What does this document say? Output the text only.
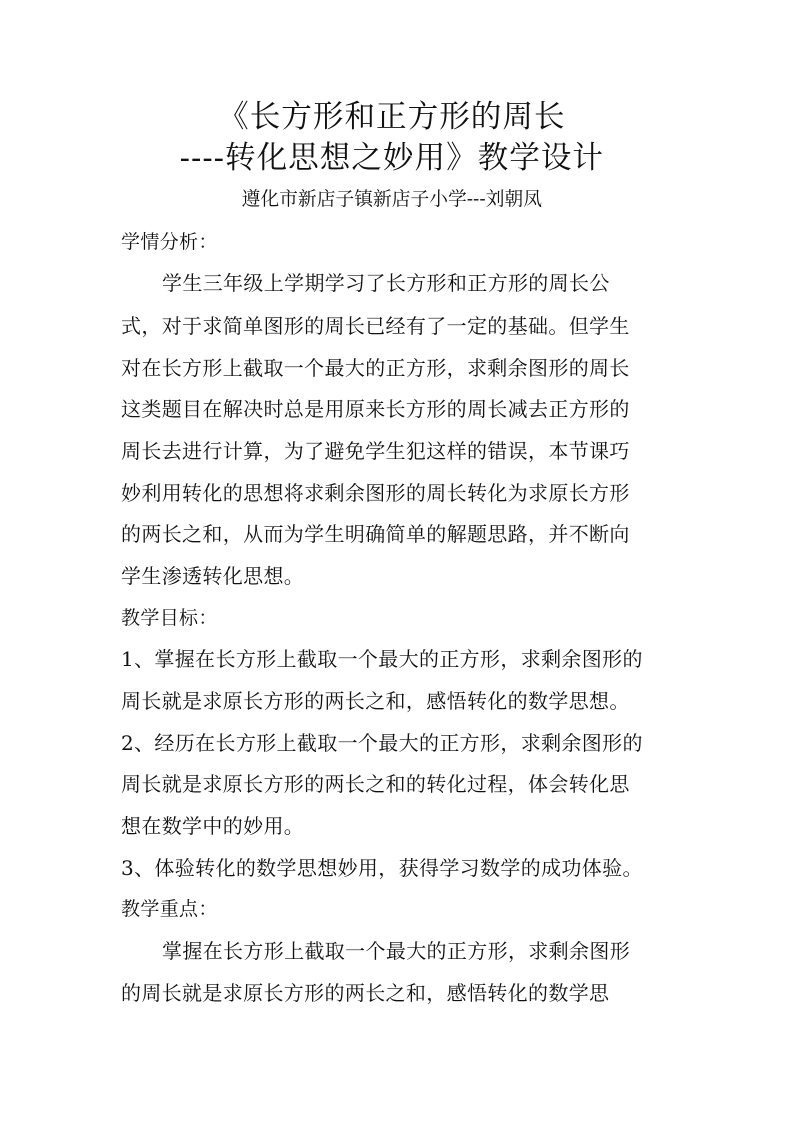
《长方形和正方形的周长
----转化思想之妙用》教学设计
遵化市新店子镇新店子小学---刘朝凤
学情分析：
学生三年级上学期学习了长方形和正方形的周长公
式，对于求简单图形的周长已经有了一定的基础。但学生
对在长方形上截取一个最大的正方形，求剩余图形的周长
这类题目在解决时总是用原来长方形的周长减去正方形的
周长去进行计算，为了避免学生犯这样的错误，本节课巧
妙利用转化的思想将求剩余图形的周长转化为求原长方形
的两长之和，从而为学生明确简单的解题思路，并不断向
学生渗透转化思想。
教学目标：
1、掌握在长方形上截取一个最大的正方形，求剩余图形的
周长就是求原长方形的两长之和，感悟转化的数学思想。
2、经历在长方形上截取一个最大的正方形，求剩余图形的
周长就是求原长方形的两长之和的转化过程，体会转化思
想在数学中的妙用。
3、体验转化的数学思想妙用，获得学习数学的成功体验。
教学重点：
掌握在长方形上截取一个最大的正方形，求剩余图形
的周长就是求原长方形的两长之和，感悟转化的数学思
